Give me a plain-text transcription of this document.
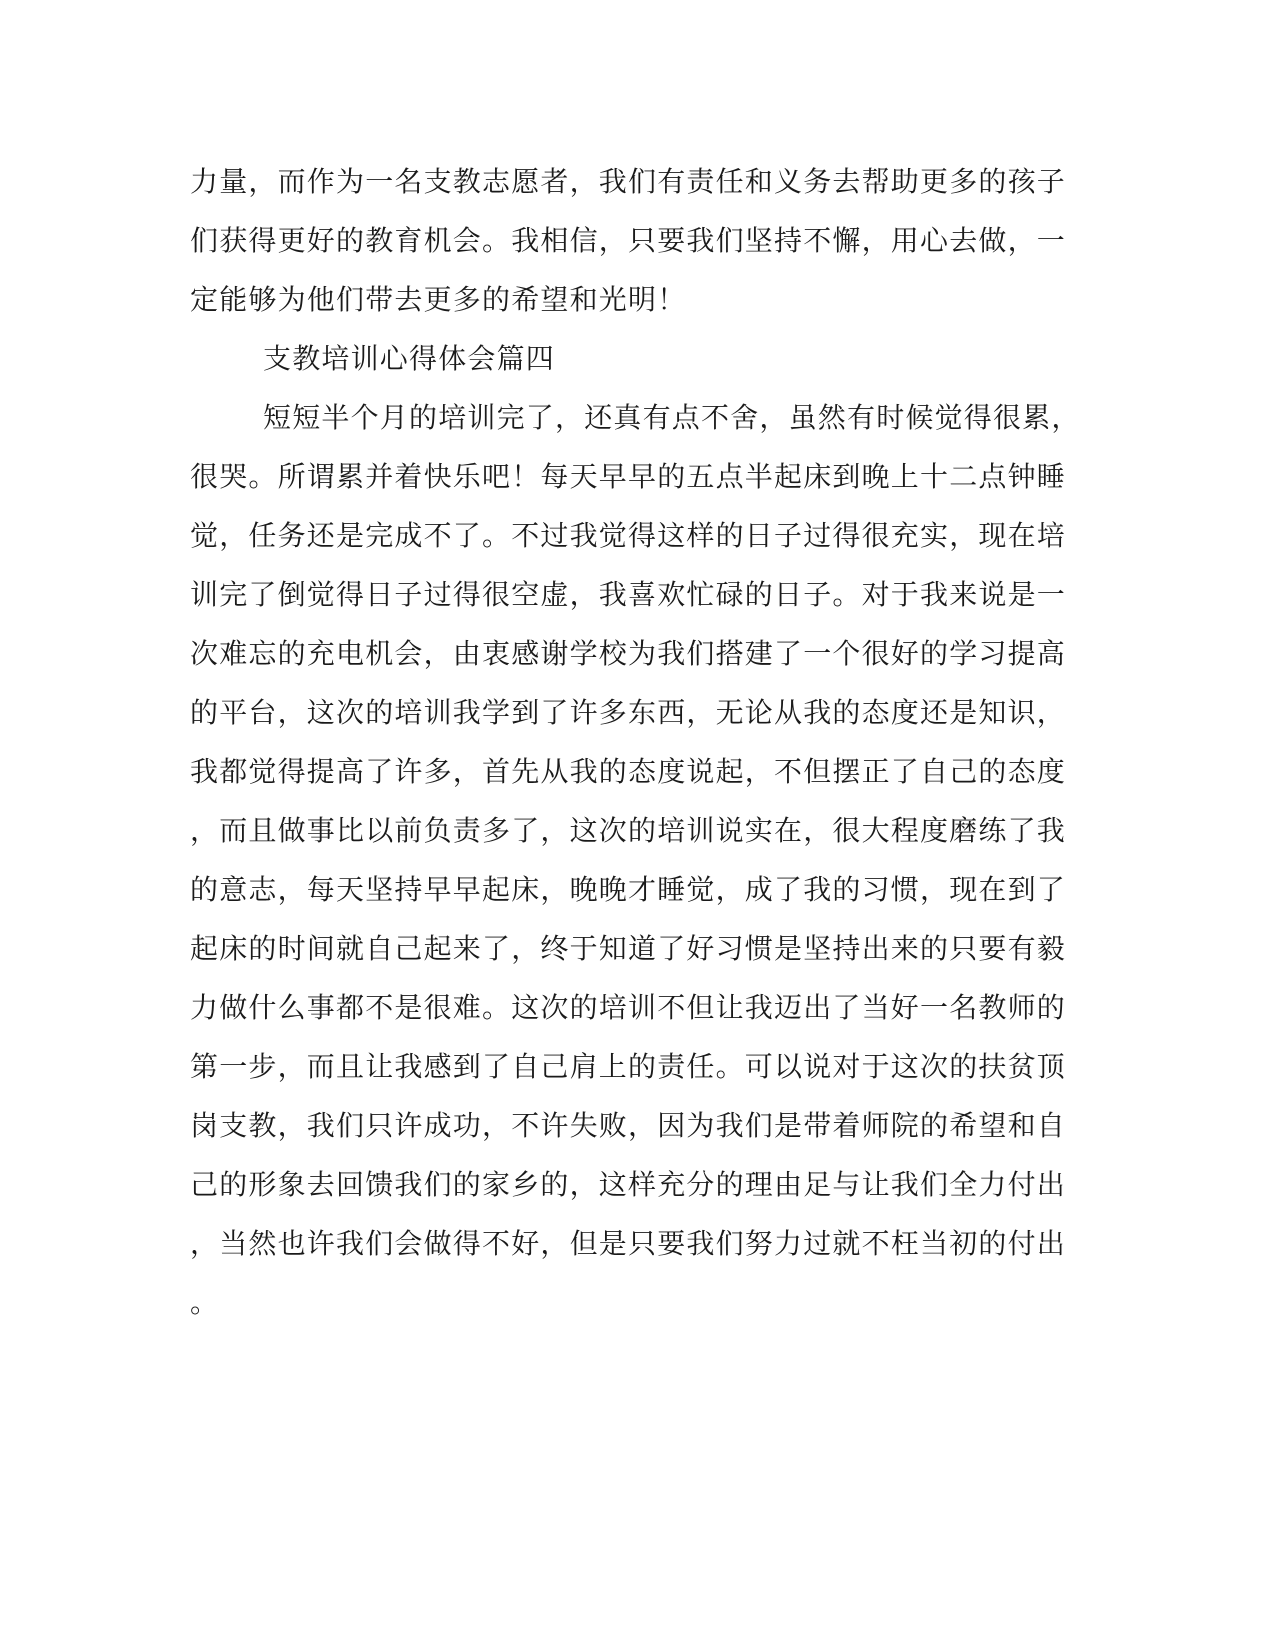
力量，而作为一名支教志愿者，我们有责任和义务去帮助更多的孩子
们获得更好的教育机会。我相信，只要我们坚持不懈，用心去做，一
定能够为他们带去更多的希望和光明！
支教培训心得体会篇四
短短半个月的培训完了，还真有点不舍，虽然有时候觉得很累，
很哭。所谓累并着快乐吧！每天早早的五点半起床到晚上十二点钟睡
觉，任务还是完成不了。不过我觉得这样的日子过得很充实，现在培
训完了倒觉得日子过得很空虚，我喜欢忙碌的日子。对于我来说是一
次难忘的充电机会，由衷感谢学校为我们搭建了一个很好的学习提高
的平台，这次的培训我学到了许多东西，无论从我的态度还是知识，
我都觉得提高了许多，首先从我的态度说起，不但摆正了自己的态度
，而且做事比以前负责多了，这次的培训说实在，很大程度磨练了我
的意志，每天坚持早早起床，晚晚才睡觉，成了我的习惯，现在到了
起床的时间就自己起来了，终于知道了好习惯是坚持出来的只要有毅
力做什么事都不是很难。这次的培训不但让我迈出了当好一名教师的
第一步，而且让我感到了自己肩上的责任。可以说对于这次的扶贫顶
岗支教，我们只许成功，不许失败，因为我们是带着师院的希望和自
己的形象去回馈我们的家乡的，这样充分的理由足与让我们全力付出
，当然也许我们会做得不好，但是只要我们努力过就不枉当初的付出
。
